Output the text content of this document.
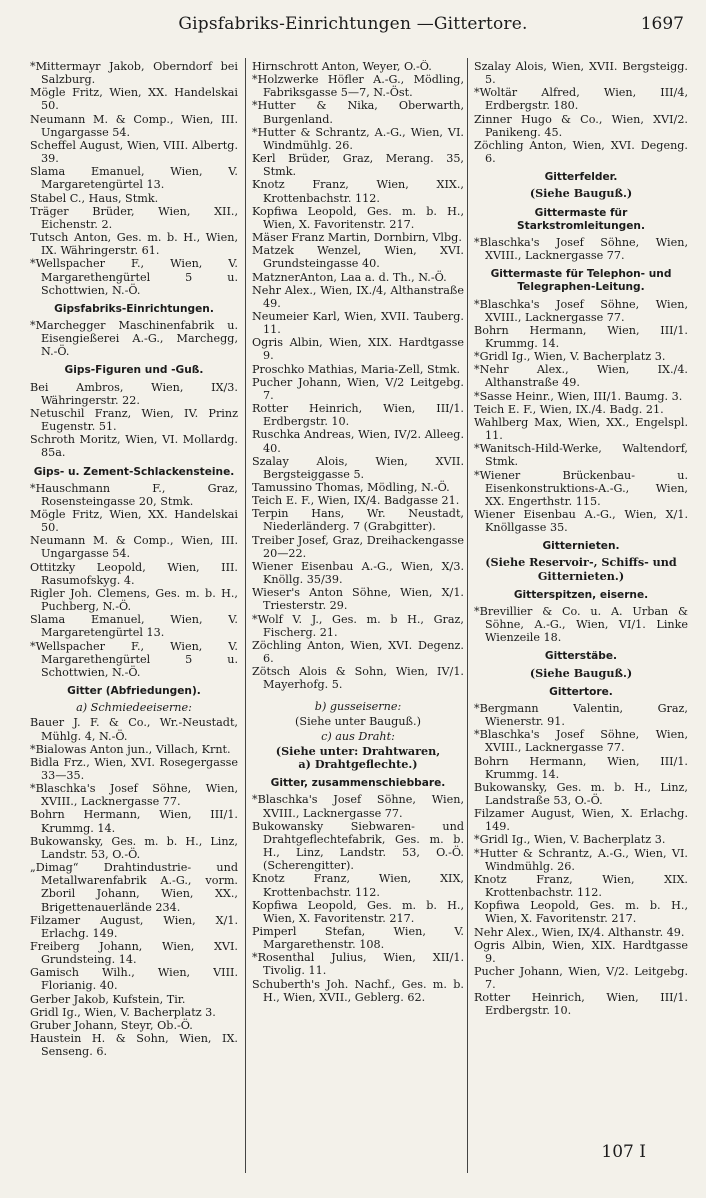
Gipsfabriks-Einrichtungen —Gittertore.	1697
*Mittermayr Jakob, Oberndorf bei Salzburg.
Mögle Fritz, Wien, XX. Handelskai 50.
Neumann M. & Comp., Wien, III. Ungargasse 54.
Scheffel August, Wien, VIII. Albertg. 39.
Slama Emanuel, Wien, V. Margaretengürtel 13.
Stabel C., Haus, Stmk.
Träger Brüder, Wien, XII., Eichenstr. 2.
Tutsch Anton, Ges. m. b. H., Wien, IX. Währingerstr. 61.
*Wellspacher F., Wien, V. Margarethengürtel 5 u. Schottwien, N.-Ö.
Gipsfabriks-Einrichtungen.
*Marchegger Maschinenfabrik u. Eisengießerei A.-G., Marchegg, N.-Ö.
Gips-Figuren und -Guß.
Bei Ambros, Wien, IX/3. Währingerstr. 22.
Netuschil Franz, Wien, IV. Prinz Eugenstr. 51.
Schroth Moritz, Wien, VI. Mollardg. 85a.
Gips- u. Zement-Schlackensteine.
*Hauschmann F., Graz, Rosensteingasse 20, Stmk.
Mögle Fritz, Wien, XX. Handelskai 50.
Neumann M. & Comp., Wien, III. Ungargasse 54.
Ottitzky Leopold, Wien, III. Rasumofskyg. 4.
Rigler Joh. Clemens, Ges. m. b. H., Puchberg, N.-Ö.
Slama Emanuel, Wien, V. Margaretengürtel 13.
*Wellspacher F., Wien, V. Margarethengürtel 5 u. Schottwien, N.-Ö.
Gitter (Abfriedungen).
a) Schmiedeeiserne:
Bauer J. F. & Co., Wr.-Neustadt, Mühlg. 4, N.-Ö.
*Bialowas Anton jun., Villach, Krnt.
Bidla Frz., Wien, XVI. Rosegergasse 33—35.
*Blaschka's Josef Söhne, Wien, XVIII., Lacknergasse 77.
Bohrn Hermann, Wien, III/1. Krummg. 14.
Bukowansky, Ges. m. b. H., Linz, Landstr. 53, O.-Ö.
„Dimag“ Drahtindustrie- und Metallwarenfabrik A.-G., vorm. Zboril Johann, Wien, XX., Brigettenauerlände 234.
Filzamer August, Wien, X/1. Erlachg. 149.
Freiberg Johann, Wien, XVI. Grundsteing. 14.
Gamisch Wilh., Wien, VIII. Florianig. 40.
Gerber Jakob, Kufstein, Tir.
Gridl Ig., Wien, V. Bacherplatz 3.
Gruber Johann, Steyr, Ob.-Ö.
Haustein H. & Sohn, Wien, IX. Senseng. 6.
Hirnschrott Anton, Weyer, O.-Ö.
*Holzwerke Höfler A.-G., Mödling, Fabriksgasse 5—7, N.-Öst.
*Hutter & Nika, Oberwarth, Burgenland.
*Hutter & Schrantz, A.-G., Wien, VI. Windmühlg. 26.
Kerl Brüder, Graz, Merang. 35, Stmk.
Knotz Franz, Wien, XIX., Krottenbachstr. 112.
Kopfiwa Leopold, Ges. m. b. H., Wien, X. Favoritenstr. 217.
Mäser Franz Martin, Dornbirn, Vlbg.
Matzek Wenzel, Wien, XVI. Grundsteingasse 40.
MatznerAnton, Laa a. d. Th., N.-Ö.
Nehr Alex., Wien, IX./4, Althanstraße 49.
Neumeier Karl, Wien, XVII. Tauberg. 11.
Ogris Albin, Wien, XIX. Hardtgasse 9.
Proschko Mathias, Maria-Zell, Stmk.
Pucher Johann, Wien, V/2 Leitgebg. 7.
Rotter Heinrich, Wien, III/1. Erdbergstr. 10.
Ruschka Andreas, Wien, IV/2. Alleeg. 40.
Szalay Alois, Wien, XVII. Bergsteiggasse 5.
Tamussino Thomas, Mödling, N.-Ö.
Teich E. F., Wien, IX/4. Badgasse 21.
Terpin Hans, Wr. Neustadt, Niederländerg. 7 (Grabgitter).
Treiber Josef, Graz, Dreihackengasse 20—22.
Wiener Eisenbau A.-G., Wien, X/3. Knöllg. 35/39.
Wieser's Anton Söhne, Wien, X/1. Triesterstr. 29.
*Wolf V. J., Ges. m. b H., Graz, Fischerg. 21.
Zöchling Anton, Wien, XVI. Degenz. 6.
Zötsch Alois & Sohn, Wien, IV/1. Mayerhofg. 5.
b) gusseiserne:
(Siehe unter Bauguß.)
c) aus Draht:
(Siehe unter: Drahtwaren,
a) Drahtgeflechte.)
Gitter, zusammenschiebbare.
*Blaschka's Josef Söhne, Wien, XVIII., Lacknergasse 77.
Bukowansky Siebwaren- und Drahtgeflechtefabrik, Ges. m. b. H., Linz, Landstr. 53, O.-Ö. (Scherengitter).
Knotz Franz, Wien, XIX, Krottenbachstr. 112.
Kopfiwa Leopold, Ges. m. b. H., Wien, X. Favoritenstr. 217.
Pimperl Stefan, Wien, V. Margarethenstr. 108.
*Rosenthal Julius, Wien, XII/1. Tivolig. 11.
Schuberth's Joh. Nachf., Ges. m. b. H., Wien, XVII., Geblerg. 62.
Szalay Alois, Wien, XVII. Bergsteigg. 5.
*Woltär Alfred, Wien, III/4, Erdbergstr. 180.
Zinner Hugo & Co., Wien, XVI/2. Panikeng. 45.
Zöchling Anton, Wien, XVI. Degeng. 6.
Gitterfelder.
(Siehe Bauguß.)
Gittermaste für Starkstromleitungen.
*Blaschka's Josef Söhne, Wien, XVIII., Lacknergasse 77.
Gittermaste für Telephon- und Telegraphen-Leitung.
*Blaschka's Josef Söhne, Wien, XVIII., Lacknergasse 77.
Bohrn Hermann, Wien, III/1. Krummg. 14.
*Gridl Ig., Wien, V. Bacherplatz 3.
*Nehr Alex., Wien, IX./4. Althanstraße 49.
*Sasse Heinr., Wien, III/1. Baumg. 3.
Teich E. F., Wien, IX./4. Badg. 21.
Wahlberg Max, Wien, XX., Engelspl. 11.
*Wanitsch-Hild-Werke, Waltendorf, Stmk.
*Wiener Brückenbau- u. Eisenkonstruktions-A.-G., Wien, XX. Engerthstr. 115.
Wiener Eisenbau A.-G., Wien, X/1. Knöllgasse 35.
Gitternieten.
(Siehe Reservoir-, Schiffs- und Gitternieten.)
Gitterspitzen, eiserne.
*Brevillier & Co. u. A. Urban & Söhne, A.-G., Wien, VI/1. Linke Wienzeile 18.
Gitterstäbe.
(Siehe Bauguß.)
Gittertore.
*Bergmann Valentin, Graz, Wienerstr. 91.
*Blaschka's Josef Söhne, Wien, XVIII., Lacknergasse 77.
Bohrn Hermann, Wien, III/1. Krummg. 14.
Bukowansky, Ges. m. b. H., Linz, Landstraße 53, O.-Ö.
Filzamer August, Wien, X. Erlachg. 149.
*Gridl Ig., Wien, V. Bacherplatz 3.
*Hutter & Schrantz, A.-G., Wien, VI. Windmühlg. 26.
Knotz Franz, Wien, XIX. Krottenbachstr. 112.
Kopfiwa Leopold, Ges. m. b. H., Wien, X. Favoritenstr. 217.
Nehr Alex., Wien, IX/4. Althanstr. 49.
Ogris Albin, Wien, XIX. Hardtgasse 9.
Pucher Johann, Wien, V/2. Leitgebg. 7.
Rotter Heinrich, Wien, III/1. Erdbergstr. 10.
107 I
